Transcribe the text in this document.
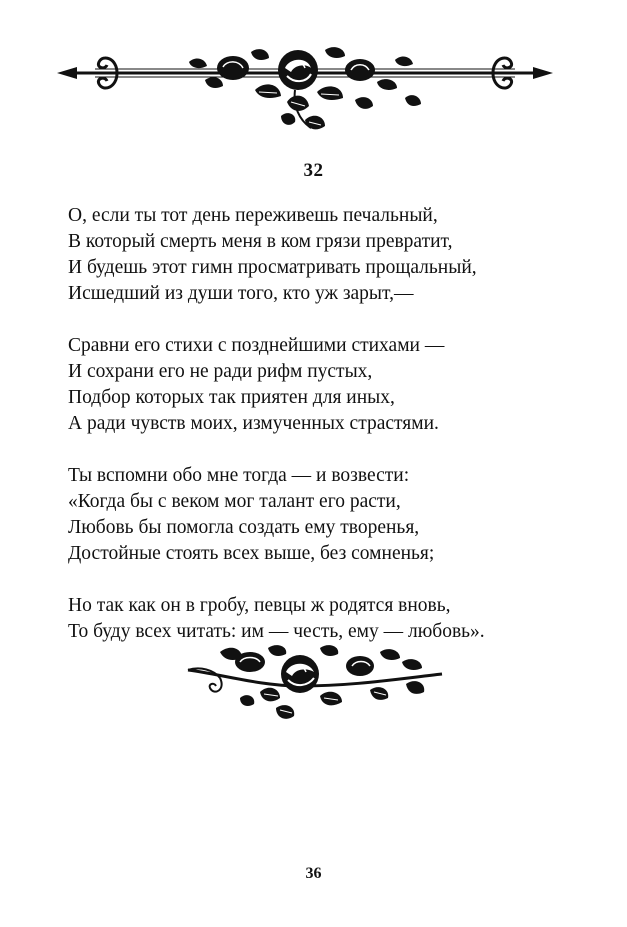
32
О, если ты тот день переживешь печальный,
В который смерть меня в ком грязи превратит,
И будешь этот гимн просматривать прощальный,
Исшедший из души того, кто уж зарыт,—
Сравни его стихи с позднейшими стихами —
И сохрани его не ради рифм пустых,
Подбор которых так приятен для иных,
А ради чувств моих, измученных страстями.
Ты вспомни обо мне тогда — и возвести:
«Когда бы с веком мог талант его расти,
Любовь бы помогла создать ему творенья,
Достойные стоять всех выше, без сомненья;
Но так как он в гробу, певцы ж родятся вновь,
То буду всех читать: им — честь, ему — любовь».
36
